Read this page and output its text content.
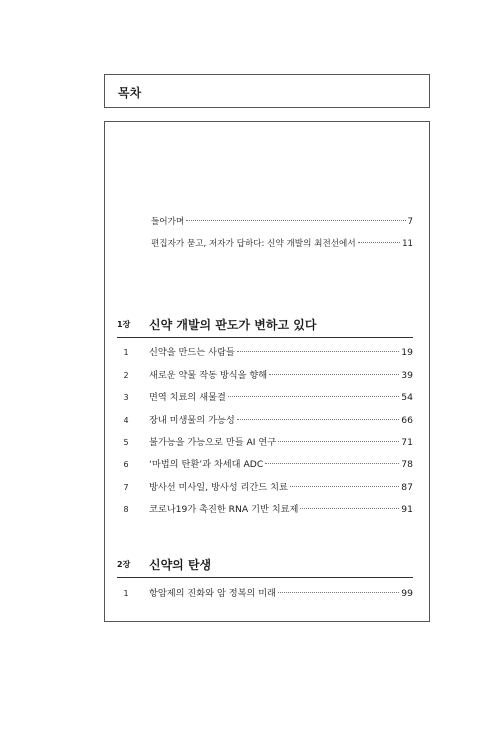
목차
들어가며	7
편집자가 묻고, 저자가 답하다: 신약 개발의 최전선에서	11
1장 신약 개발의 판도가 변하고 있다
1 신약을 만드는 사람들	19
2 새로운 약물 작동 방식을 향해	39
3 면역 치료의 새물결	54
4 장내 미생물의 가능성	66
5 불가능을 가능으로 만들 AI 연구	71
6 ‘마법의 탄환’과 차세대 ADC	78
7 방사선 미사일, 방사성 리간드 치료	87
8 코로나19가 촉진한 RNA 기반 치료제	91
2장 신약의 탄생
1 항암제의 진화와 암 정복의 미래	99
